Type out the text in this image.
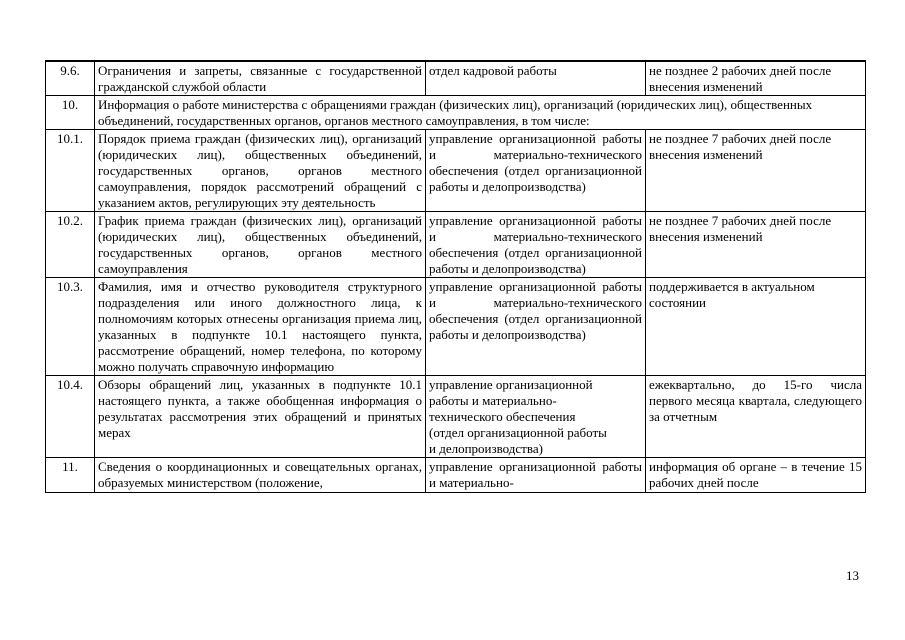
9.6.	Ограничения и запреты, связанные с государственной гражданской службой области	отдел кадровой работы	не позднее 2 рабочих дней после внесения изменений
10.	Информация о работе министерства с обращениями граждан (физических лиц), организаций (юридических лиц), общественных объединений, государственных органов, органов местного самоуправления, в том числе:		
10.1.	Порядок приема граждан (физических лиц), организаций (юридических лиц), общественных объединений, государственных органов, органов местного самоуправления, порядок рассмотрений обращений с указанием актов, регулирующих эту деятельность	управление организационной работы и материально-технического обеспечения (отдел организационной работы и делопроизводства)	не позднее 7 рабочих дней после внесения изменений
10.2.	График приема граждан (физических лиц), организаций (юридических лиц), общественных объединений, государственных органов, органов местного самоуправления	управление организационной работы и материально-технического обеспечения (отдел организационной работы и делопроизводства)	не позднее 7 рабочих дней после внесения изменений
10.3.	Фамилия, имя и отчество руководителя структурного подразделения или иного должностного лица, к полномочиям которых отнесены организация приема лиц, указанных в подпункте 10.1 настоящего пункта, рассмотрение обращений, номер телефона, по которому можно получать справочную информацию	управление организационной работы и материально-технического обеспечения (отдел организационной работы и делопроизводства)	поддерживается в актуальном состоянии
10.4.	Обзоры обращений лиц, указанных в подпункте 10.1 настоящего пункта, а также обобщенная информация о результатах рассмотрения этих обращений и принятых мерах	управление организационной
работы и материально-
технического обеспечения
(отдел организационной работы
и делопроизводства)	ежеквартально, до 15-го числа первого месяца квартала, следующего за отчетным

11.	Сведения о координационных и совещательных органах, образуемых министерством (положение,	управление организационной работы и материально-	информация об органе – в течение 15 рабочих дней после
13
